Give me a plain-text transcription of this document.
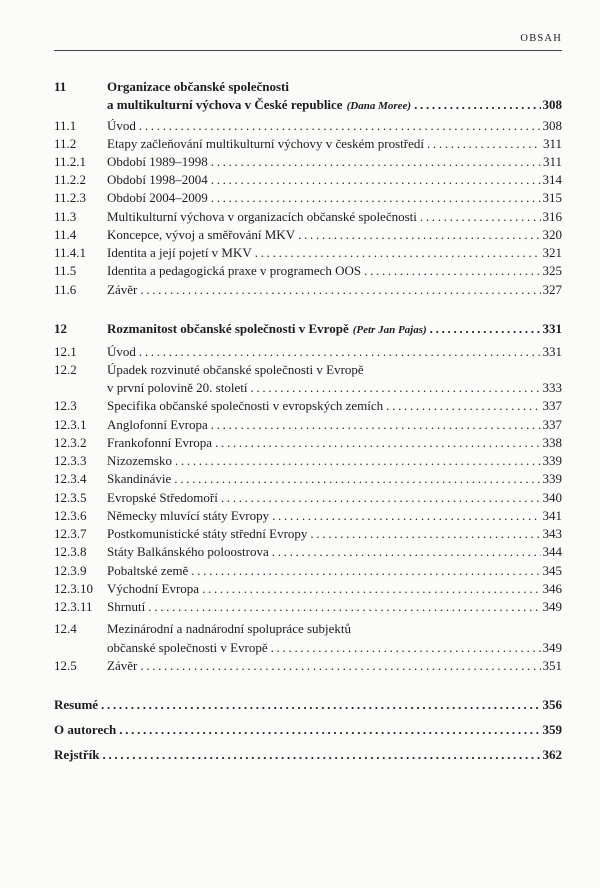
OBSAH
11	Organizace občanské společnosti
a multikulturní výchova v České republice (Dana Moree) .....	308
11.1 Úvod .....	308
11.2 Etapy začleňování multikulturní výchovy v českém prostředí .....	311
11.2.1 Období 1989–1998 .....	311
11.2.2 Období 1998–2004 .....	314
11.2.3 Období 2004–2009 .....	315
11.3 Multikulturní výchova v organizacích občanské společnosti .....	316
11.4 Koncepce, vývoj a směřování MKV .....	320
11.4.1 Identita a její pojetí v MKV .....	321
11.5 Identita a pedagogická praxe v programech OOS .....	325
11.6 Závěr .....	327
12	Rozmanitost občanské společnosti v Evropě (Petr Jan Pajas) .....	331
12.1 Úvod .....	331
12.2 Úpadek rozvinuté občanské společnosti v Evropě
v první polovině 20. století .....	333
12.3 Specifika občanské společnosti v evropských zemích .....	337
12.3.1 Anglofonní Evropa .....	337
12.3.2 Frankofonní Evropa .....	338
12.3.3 Nizozemsko .....	339
12.3.4 Skandinávie .....	339
12.3.5 Evropské Středomoří .....	340
12.3.6 Německy mluvící státy Evropy .....	341
12.3.7 Postkomunistické státy střední Evropy .....	343
12.3.8 Státy Balkánského poloostrova .....	344
12.3.9 Pobaltské země .....	345
12.3.10 Východní Evropa .....	346
12.3.11 Shrnutí .....	349
12.4 Mezinárodní a nadnárodní spolupráce subjektů
občanské společnosti v Evropě .....	349
12.5 Závěr .....	351
Resumé .....	356
O autorech .....	359
Rejstřík .....	362
